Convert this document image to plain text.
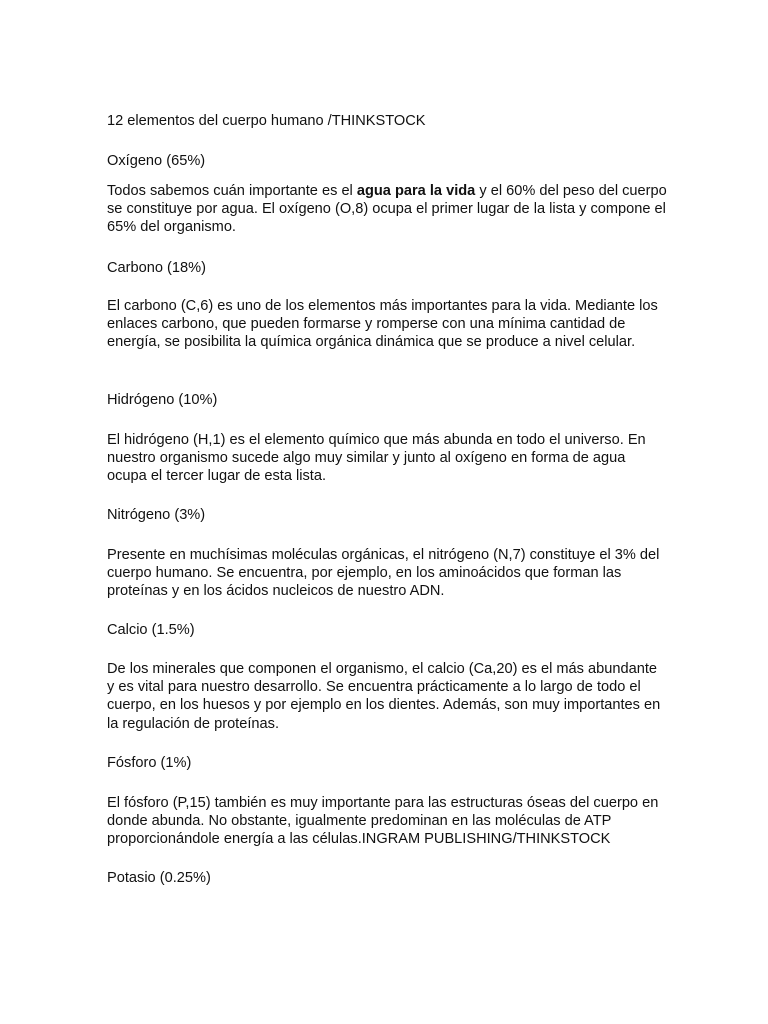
12 elementos del cuerpo humano /THINKSTOCK

Oxígeno (65%)

Todos sabemos cuán importante es el agua para la vida y el 60% del peso del cuerpo se constituye por agua. El oxígeno (O,8) ocupa el primer lugar de la lista y compone el 65% del organismo.

Carbono (18%)

El carbono (C,6) es uno de los elementos más importantes para la vida. Mediante los enlaces carbono, que pueden formarse y romperse con una mínima cantidad de energía, se posibilita la química orgánica dinámica que se produce a nivel celular.

Hidrógeno (10%)

El hidrógeno (H,1) es el elemento químico que más abunda en todo el universo. En nuestro organismo sucede algo muy similar y junto al oxígeno en forma de agua ocupa el tercer lugar de esta lista.

Nitrógeno (3%)

Presente en muchísimas moléculas orgánicas, el nitrógeno (N,7) constituye el 3% del cuerpo humano. Se encuentra, por ejemplo, en los aminoácidos que forman las proteínas y en los ácidos nucleicos de nuestro ADN.

Calcio (1.5%)

De los minerales que componen el organismo, el calcio (Ca,20) es el más abundante y es vital para nuestro desarrollo. Se encuentra prácticamente a lo largo de todo el cuerpo, en los huesos y por ejemplo en los dientes. Además, son muy importantes en la regulación de proteínas.

Fósforo (1%)

El fósforo (P,15) también es muy importante para las estructuras óseas del cuerpo en donde abunda. No obstante, igualmente predominan en las moléculas de ATP proporcionándole energía a las células.INGRAM PUBLISHING/THINKSTOCK

Potasio (0.25%)
